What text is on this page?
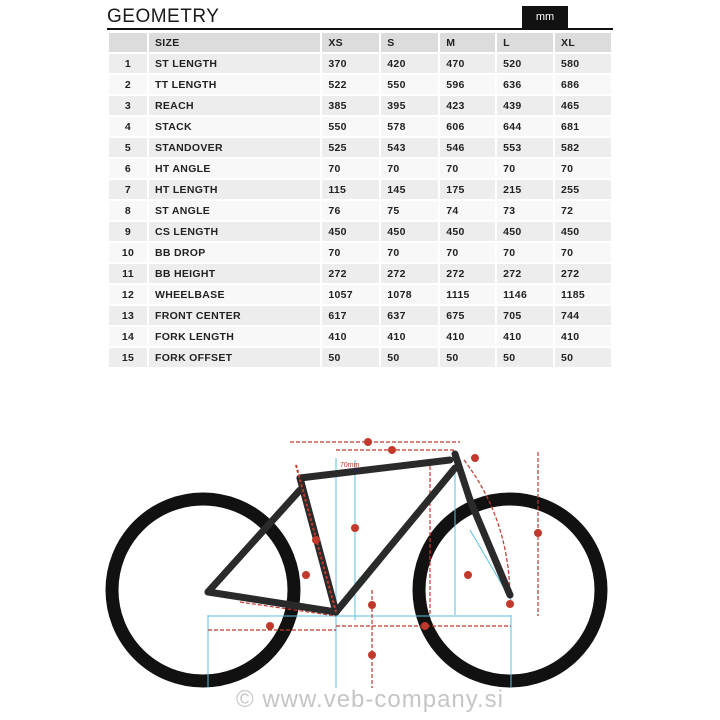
GEOMETRY	mm
	SIZE	XS	S	M	L	XL
1	ST LENGTH	370	420	470	520	580
2	TT LENGTH	522	550	596	636	686
3	REACH	385	395	423	439	465
4	STACK	550	578	606	644	681
5	STANDOVER	525	543	546	553	582
6	HT ANGLE	70	70	70	70	70
7	HT LENGTH	115	145	175	215	255
8	ST ANGLE	76	75	74	73	72
9	CS LENGTH	450	450	450	450	450
10	BB DROP	70	70	70	70	70
11	BB HEIGHT	272	272	272	272	272
12	WHEELBASE	1057	1078	1115	1146	1185
13	FRONT CENTER	617	637	675	705	744
14	FORK LENGTH	410	410	410	410	410
15	FORK OFFSET	50	50	50	50	50
70mm
© www.veb-company.si
